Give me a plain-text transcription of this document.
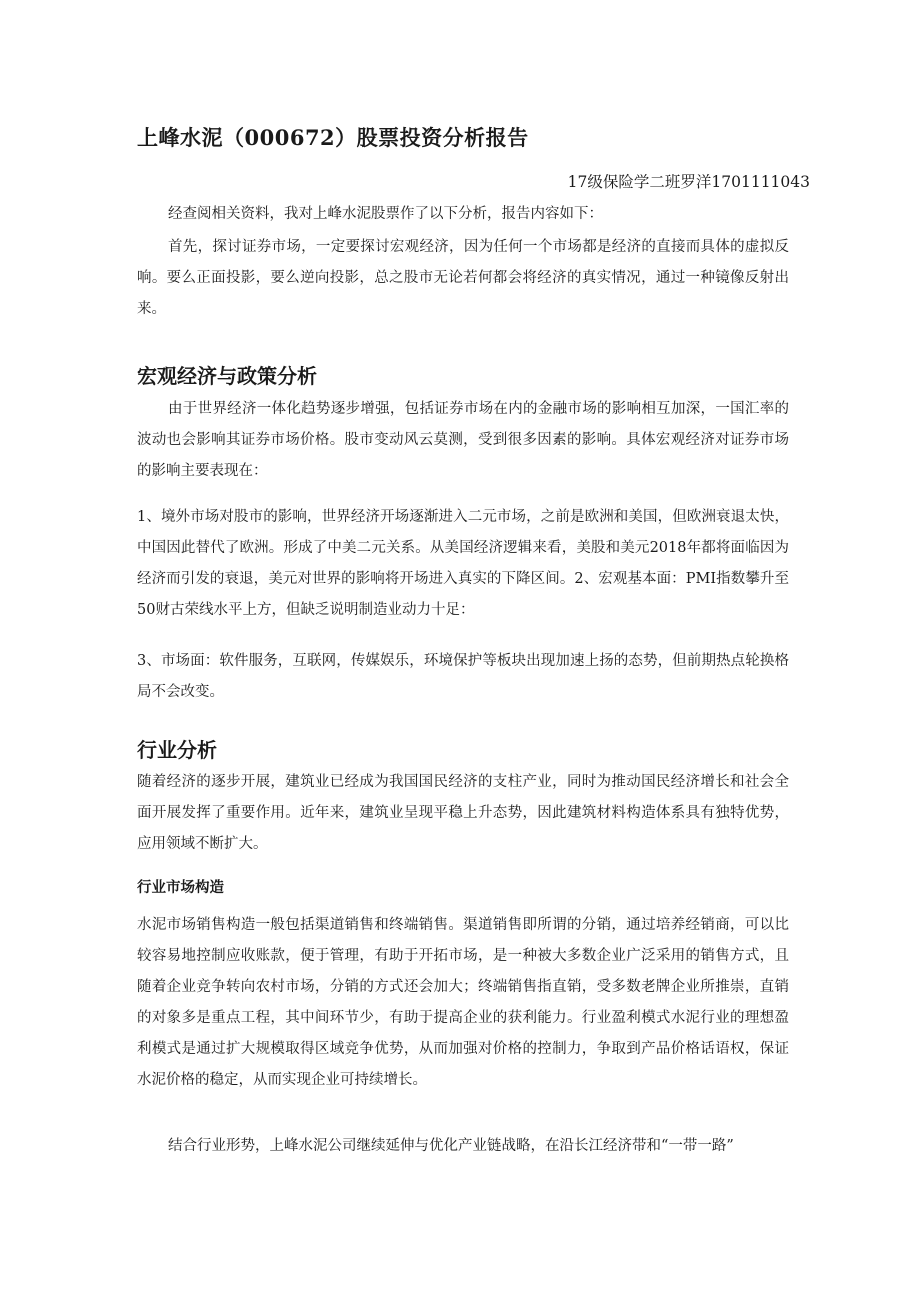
上峰水泥（000672）股票投资分析报告

17级保险学二班罗洋1701111043

经查阅相关资料，我对上峰水泥股票作了以下分析，报告内容如下：

首先，探讨证券市场，一定要探讨宏观经济，因为任何一个市场都是经济的直接而具体的虚拟反响。要么正面投影，要么逆向投影，总之股市无论若何都会将经济的真实情况，通过一种镜像反射出来。

宏观经济与政策分析

由于世界经济一体化趋势逐步增强，包括证券市场在内的金融市场的影响相互加深，一国汇率的波动也会影响其证券市场价格。股市变动风云莫测，受到很多因素的影响。具体宏观经济对证券市场的影响主要表现在：

1、境外市场对股市的影响，世界经济开场逐渐进入二元市场，之前是欧洲和美国，但欧洲衰退太快，中国因此替代了欧洲。形成了中美二元关系。从美国经济逻辑来看，美股和美元2018年都将面临因为经济而引发的衰退，美元对世界的影响将开场进入真实的下降区间。2、宏观基本面：PMI指数攀升至50财古荣线水平上方，但缺乏说明制造业动力十足：

3、市场面：软件服务，互联网，传媒娱乐，环境保护等板块出现加速上扬的态势，但前期热点轮换格局不会改变。

行业分析

随着经济的逐步开展，建筑业已经成为我国国民经济的支柱产业，同时为推动国民经济增长和社会全面开展发挥了重要作用。近年来，建筑业呈现平稳上升态势，因此建筑材料构造体系具有独特优势，应用领域不断扩大。

行业市场构造

水泥市场销售构造一般包括渠道销售和终端销售。渠道销售即所谓的分销，通过培养经销商，可以比较容易地控制应收账款，便于管理，有助于开拓市场，是一种被大多数企业广泛采用的销售方式，且随着企业竞争转向农村市场，分销的方式还会加大；终端销售指直销，受多数老牌企业所推崇，直销的对象多是重点工程，其中间环节少，有助于提高企业的获利能力。行业盈利模式水泥行业的理想盈利模式是通过扩大规模取得区域竞争优势，从而加强对价格的控制力，争取到产品价格话语权，保证水泥价格的稳定，从而实现企业可持续增长。

结合行业形势，上峰水泥公司继续延伸与优化产业链战略，在沿长江经济带和“一带一路”
